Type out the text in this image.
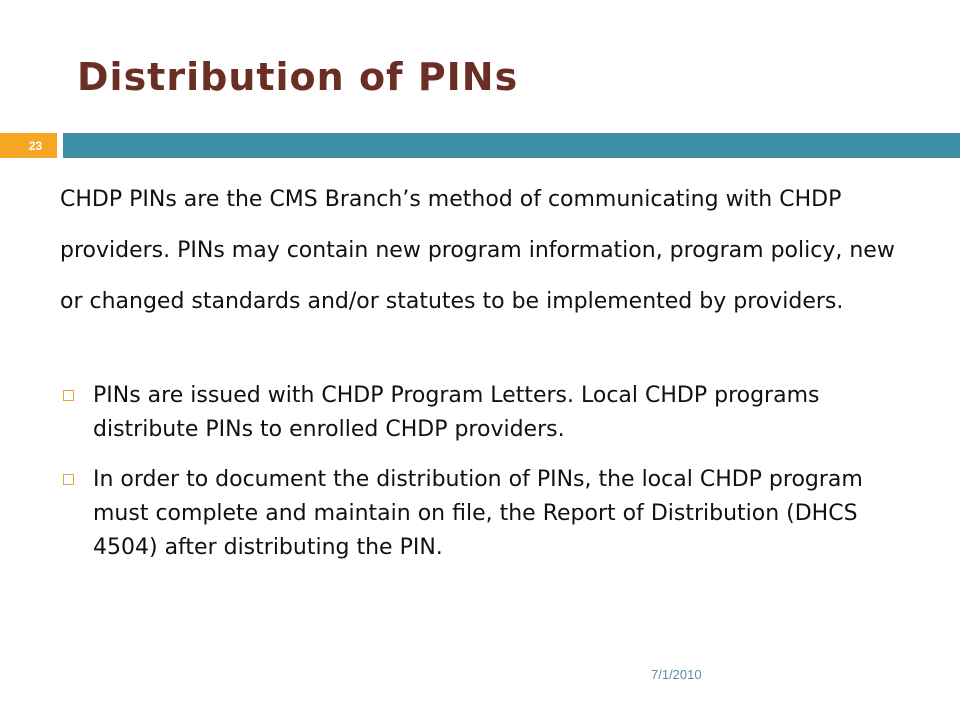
Distribution of PINs
23

CHDP PINs are the CMS Branch’s method of communicating with CHDP providers. PINs may contain new program information, program policy, new or changed standards and/or statutes to be implemented by providers.

PINs are issued with CHDP Program Letters. Local CHDP programs distribute PINs to enrolled CHDP providers.
In order to document the distribution of PINs, the local CHDP program must complete and maintain on file, the Report of Distribution (DHCS 4504) after distributing the PIN.
7/1/2010
